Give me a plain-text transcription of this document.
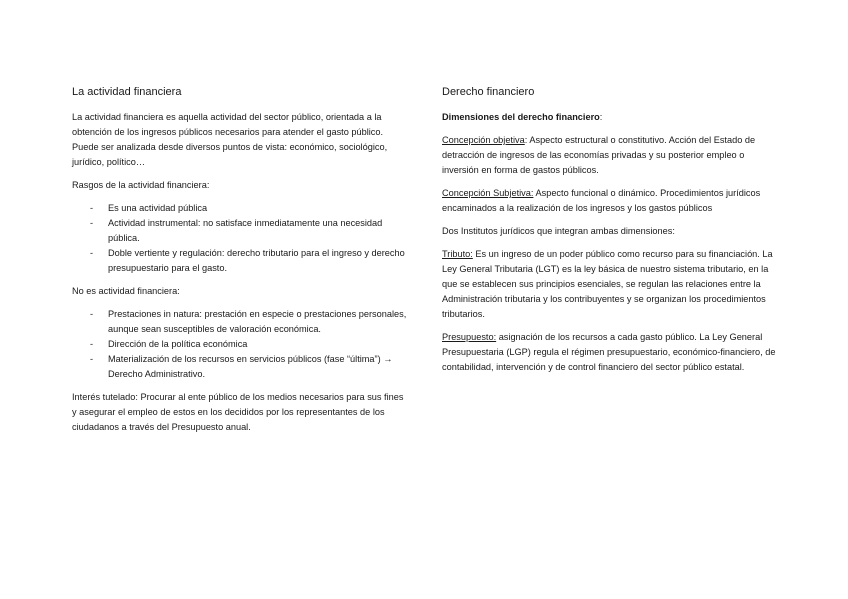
La actividad financiera

La actividad financiera es aquella actividad del sector público, orientada a la obtención de los ingresos públicos necesarios para atender el gasto público. Puede ser analizada desde diversos puntos de vista: económico, sociológico, jurídico, político…

Rasgos de la actividad financiera:

- Es una actividad pública
- Actividad instrumental: no satisface inmediatamente una necesidad pública.
- Doble vertiente y regulación: derecho tributario para el ingreso y derecho presupuestario para el gasto.

No es actividad financiera:

- Prestaciones in natura: prestación en especie o prestaciones personales, aunque sean susceptibles de valoración económica.
- Dirección de la política económica
- Materialización de los recursos en servicios públicos (fase “última”) → Derecho Administrativo.

Interés tutelado: Procurar al ente público de los medios necesarios para sus fines y asegurar el empleo de estos en los decididos por los representantes de los ciudadanos a través del Presupuesto anual.

Derecho financiero

Dimensiones del derecho financiero:

Concepción objetiva: Aspecto estructural o constitutivo. Acción del Estado de detracción de ingresos de las economías privadas y su posterior empleo o inversión en forma de gastos públicos.

Concepción Subjetiva: Aspecto funcional o dinámico. Procedimientos jurídicos encaminados a la realización de los ingresos y los gastos públicos

Dos Institutos jurídicos que integran ambas dimensiones:

Tributo: Es un ingreso de un poder público como recurso para su financiación. La Ley General Tributaria (LGT) es la ley básica de nuestro sistema tributario, en la que se establecen sus principios esenciales, se regulan las relaciones entre la Administración tributaria y los contribuyentes y se organizan los procedimientos tributarios.

Presupuesto: asignación de los recursos a cada gasto público. La Ley General Presupuestaria (LGP) regula el régimen presupuestario, económico-financiero, de contabilidad, intervención y de control financiero del sector público estatal.
